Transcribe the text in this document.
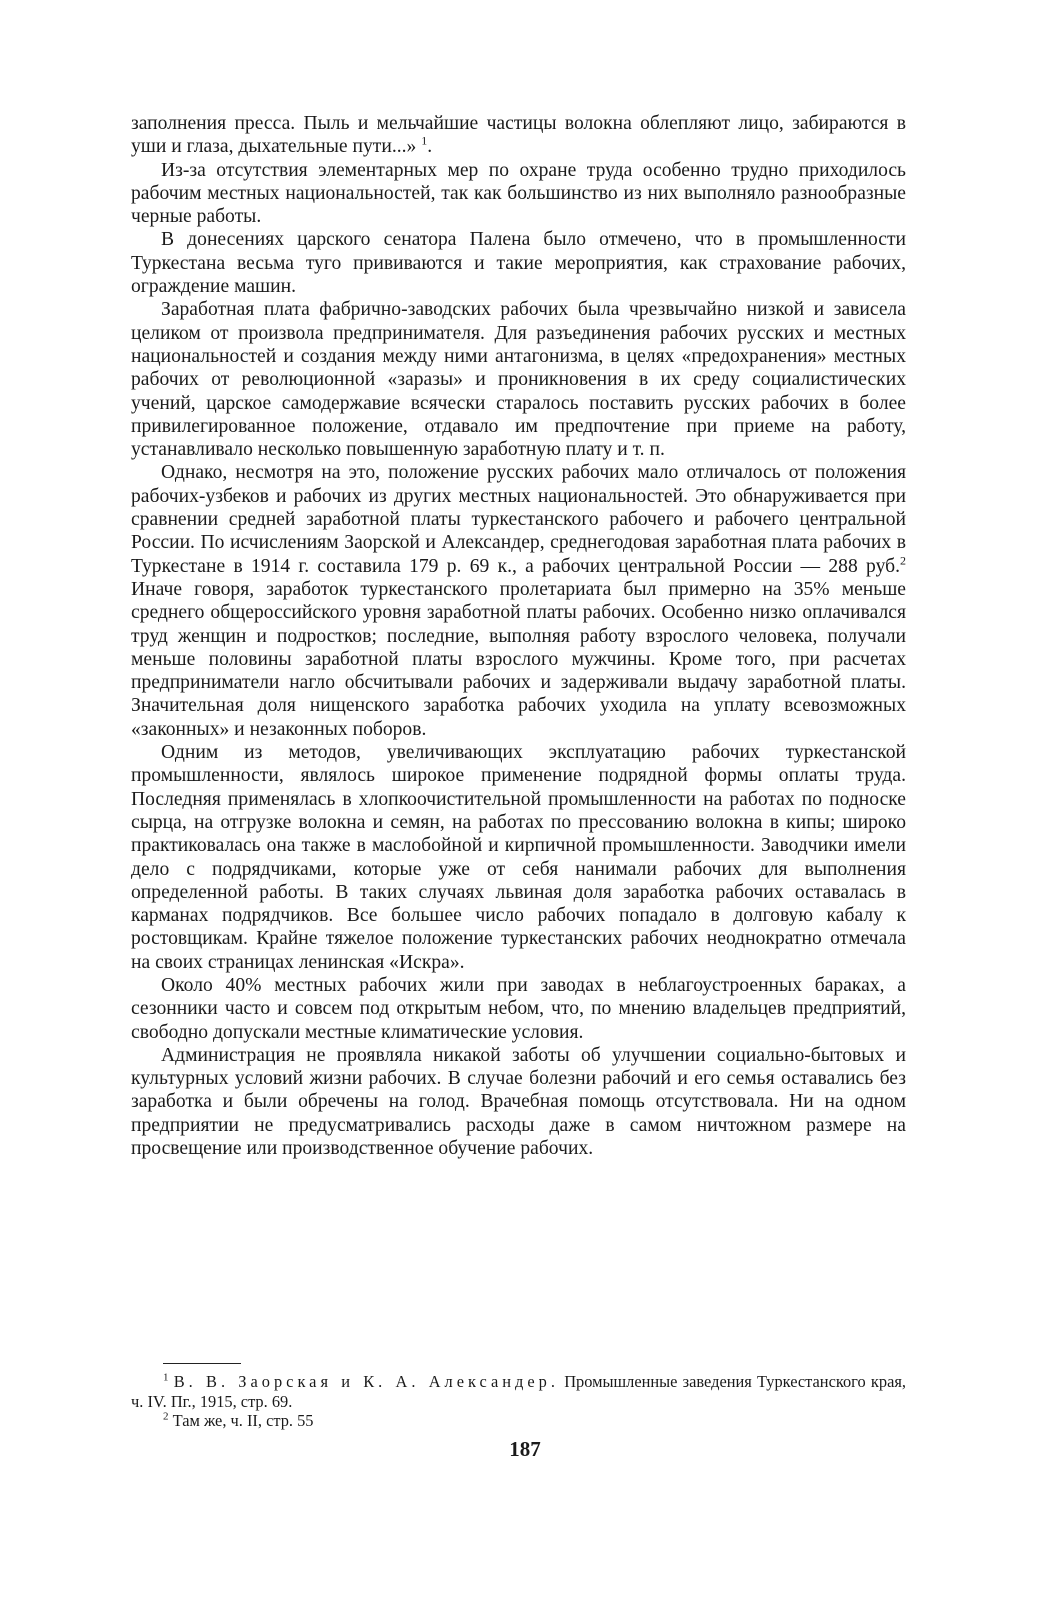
заполнения пресса. Пыль и мельчайшие частицы волокна облепляют лицо, забираются в уши и глаза, дыхательные пути...» $^1$.

Из-за отсутствия элементарных мер по охране труда особенно трудно приходилось рабочим местных национальностей, так как большинство из них выполняло разнообразные черные работы.

В донесениях царского сенатора Палена было отмечено, что в промышленности Туркестана весьма туго прививаются и такие мероприятия, как страхование рабочих, ограждение машин.

Заработная плата фабрично-заводских рабочих была чрезвычайно низкой и зависела целиком от произвола предпринимателя. Для разъединения рабочих русских и местных национальностей и создания между ними антагонизма, в целях «предохранения» местных рабочих от революционной «заразы» и проникновения в их среду социалистических учений, царское самодержавие всячески старалось поставить русских рабочих в более привилегированное положение, отдавало им предпочтение при приеме на работу, устанавливало несколько повышенную заработную плату и т. п.

Однако, несмотря на это, положение русских рабочих мало отличалось от положения рабочих-узбеков и рабочих из других местных национальностей. Это обнаруживается при сравнении средней заработной платы туркестанского рабочего и рабочего центральной России. По исчислениям Заорской и Александер, среднегодовая заработная плата рабочих в Туркестане в 1914 г. составила 179 р. 69 к., а рабочих центральной России — 288 руб.$^2$ Иначе говоря, заработок туркестанского пролетариата был примерно на 35% меньше среднего общероссийского уровня заработной платы рабочих. Особенно низко оплачивался труд женщин и подростков; последние, выполняя работу взрослого человека, получали меньше половины заработной платы взрослого мужчины. Кроме того, при расчетах предприниматели нагло обсчитывали рабочих и задерживали выдачу заработной платы. Значительная доля нищенского заработка рабочих уходила на уплату всевозможных «законных» и незаконных поборов.

Одним из методов, увеличивающих эксплуатацию рабочих туркестанской промышленности, являлось широкое применение подрядной формы оплаты труда. Последняя применялась в хлопкоочистительной промышленности на работах по подноске сырца, на отгрузке волокна и семян, на работах по прессованию волокна в кипы; широко практиковалась она также в маслобойной и кирпичной промышленности. Заводчики имели дело с подрядчиками, которые уже от себя нанимали рабочих для выполнения определенной работы. В таких случаях львиная доля заработка рабочих оставалась в карманах подрядчиков. Все большее число рабочих попадало в долговую кабалу к ростовщикам. Крайне тяжелое положение туркестанских рабочих неоднократно отмечала на своих страницах ленинская «Искра».

Около 40% местных рабочих жили при заводах в неблагоустроенных бараках, а сезонники часто и совсем под открытым небом, что, по мнению владельцев предприятий, свободно допускали местные климатические условия.

Администрация не проявляла никакой заботы об улучшении социально-бытовых и культурных условий жизни рабочих. В случае болезни рабочий и его семья оставались без заработка и были обречены на голод. Врачебная помощь отсутствовала. Ни на одном предприятии не предусматривались расходы даже в самом ничтожном размере на просвещение или производственное обучение рабочих.

$^1$ В. В. Заорская и К. А. Александер. Промышленные заведения Туркестанского края, ч. IV. Пг., 1915, стр. 69.

$^2$ Там же, ч. II, стр. 55

187
